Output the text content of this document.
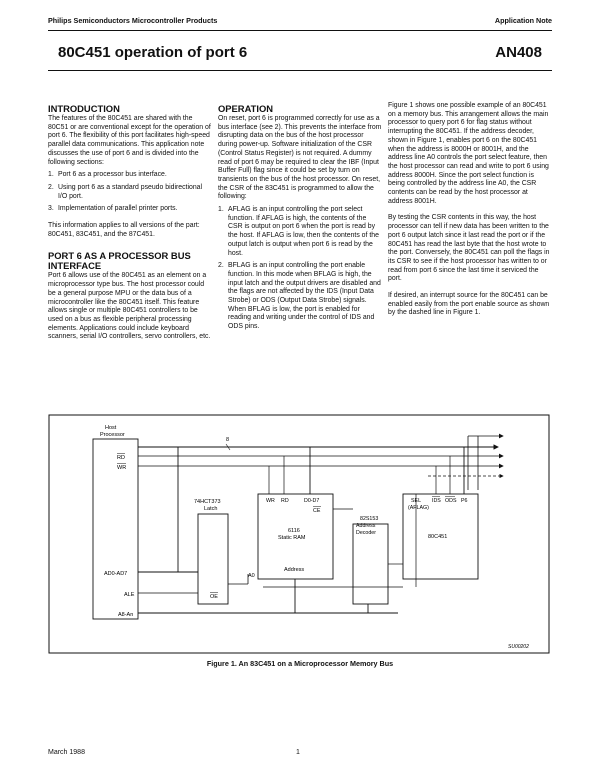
Philips Semiconductors Microcontroller Products	Application Note
80C451 operation of port 6	AN408
INTRODUCTION

The features of the 80C451 are shared with the 80C51 or are conventional except for the operation of port 6. The flexibility of this port facilitates high-speed parallel data communications. This application note discusses the use of port 6 and is divided into the following sections:

1. Port 6 as a processor bus interface.
2. Using port 6 as a standard pseudo bidirectional I/O port.
3. Implementation of parallel printer ports.

This information applies to all versions of the part: 80C451, 83C451, and the 87C451.

PORT 6 AS A PROCESSOR BUS INTERFACE

Port 6 allows use of the 80C451 as an element on a microprocessor type bus. The host processor could be a general purpose MPU or the data bus of a microcontroller like the 80C451 itself. This feature allows single or multiple 80C451 controllers to be used on a bus as flexible peripheral processing elements. Applications could include keyboard scanners, serial I/O controllers, servo controllers, etc.

OPERATION

On reset, port 6 is programmed correctly for use as a bus interface (see 2). This prevents the interface from disrupting data on the bus of the host processor during power-up. Software initialization of the CSR (Control Status Register) is not required. A dummy read of port 6 may be required to clear the IBF (Input Buffer Full) flag since it could be set by turn on transients on the bus of the host processor. On reset, the CSR of the 83C451 is programmed to allow the following:

1. AFLAG is an input controlling the port select function. If AFLAG is high, the contents of the CSR is output on port 6 when the port is read by the host. If AFLAG is low, then the contents of the output latch is output when port 6 is read by the host.
2. BFLAG is an input controlling the port enable function. In this mode when BFLAG is high, the input latch and the output drivers are disabled and the flags are not affected by the IDS (Input Data Strobe) or ODS (Output Data Strobe) signals. When BFLAG is low, the port is enabled for reading and writing under the control of IDS and ODS pins.

Figure 1 shows one possible example of an 80C451 on a memory bus. This arrangement allows the main processor to query port 6 for flag status without interrupting the 80C451. If the address decoder, shown in Figure 1, enables port 6 on the 80C451 when the address is 8000H or 8001H, and the address line A0 controls the port select feature, then the host processor can read and write to port 6 using address 8000H. Since the port select function is being controlled by the address line A0, the CSR contents can be read by the host processor at address 8001H.

By testing the CSR contents in this way, the host processor can tell if new data has been written to the port 6 output latch since it last read the port or if the 80C451 has read the last byte that the host wrote to the port. Conversely, the 80C451 can poll the flags in its CSR to see if the host processor has written to or read from port 6 since the last time it serviced the port.

If desired, an interrupt source for the 80C451 can be enabled easily from the port enable source as shown by the dashed line in Figure 1.

Host
Processor
RD
WR
AD0-AD7
ALE
A8-An
8
74HCT373
Latch
OE
WR RD	D0-D7
CE
6116
Static RAM
Address
A0
82S153
Address
Decoder
SEL
(AFLAG)
IDS ODS P6
80C451
SU00202
Figure 1. An 83C451 on a Microprocessor Memory Bus
March 1988	1
